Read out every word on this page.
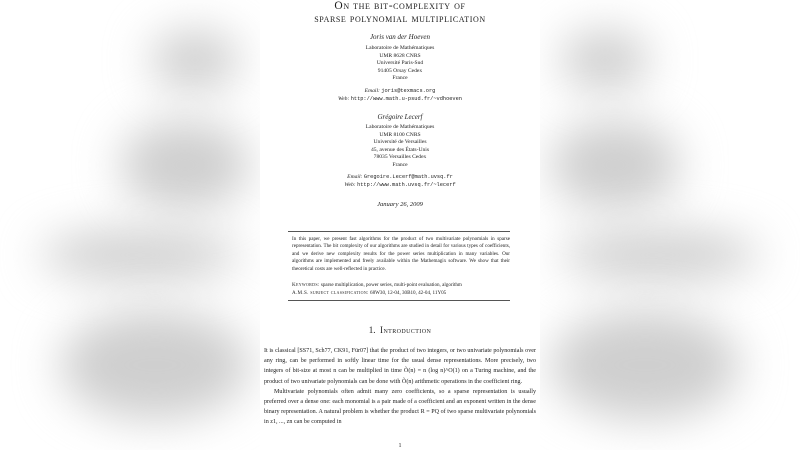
On the bit-complexity of
sparse polynomial multiplication
Joris van der Hoeven
Laboratoire de Mathématiques
UMR 8628 CNRS
Université Paris-Sud
91405 Orsay Cedex
France
Email: joris@texmacs.org
Web: http://www.math.u-psud.fr/~vdhoeven
Grégoire Lecerf
Laboratoire de Mathématiques
UMR 8100 CNRS
Université de Versailles
45, avenue des États-Unis
78035 Versailles Cedex
France
Email: Gregoire.Lecerf@math.uvsq.fr
Web: http://www.math.uvsq.fr/~lecerf
January 26, 2009
In this paper, we present fast algorithms for the product of two multivariate polynomials in sparse representation. The bit complexity of our algorithms are studied in detail for various types of coefficients, and we derive new complexity results for the power series multiplication in many variables. Our algorithms are implemented and freely available within the Mathemagix software. We show that their theoretical costs are well-reflected in practice.
Keywords: sparse multiplication, power series, multi-point evaluation, algorithm
A.M.S. subject classification: 68W30, 12-04, 30B10, 42-04, 11Y05
1. Introduction

It is classical [SS71, Sch77, CK91, Für07] that the product of two integers, or two univariate polynomials over any ring, can be performed in softly linear time for the usual dense representations. More precisely, two integers of bit-size at most n can be multiplied in time Õ(n) = n (log n)^O(1) on a Turing machine, and the product of two univariate polynomials can be done with Õ(n) arithmetic operations in the coefficient ring.

Multivariate polynomials often admit many zero coefficients, so a sparse representation is usually preferred over a dense one: each monomial is a pair made of a coefficient and an exponent written in the dense binary representation. A natural problem is whether the product R = PQ of two sparse multivariate polynomials in z1, ..., zn can be computed in

1
